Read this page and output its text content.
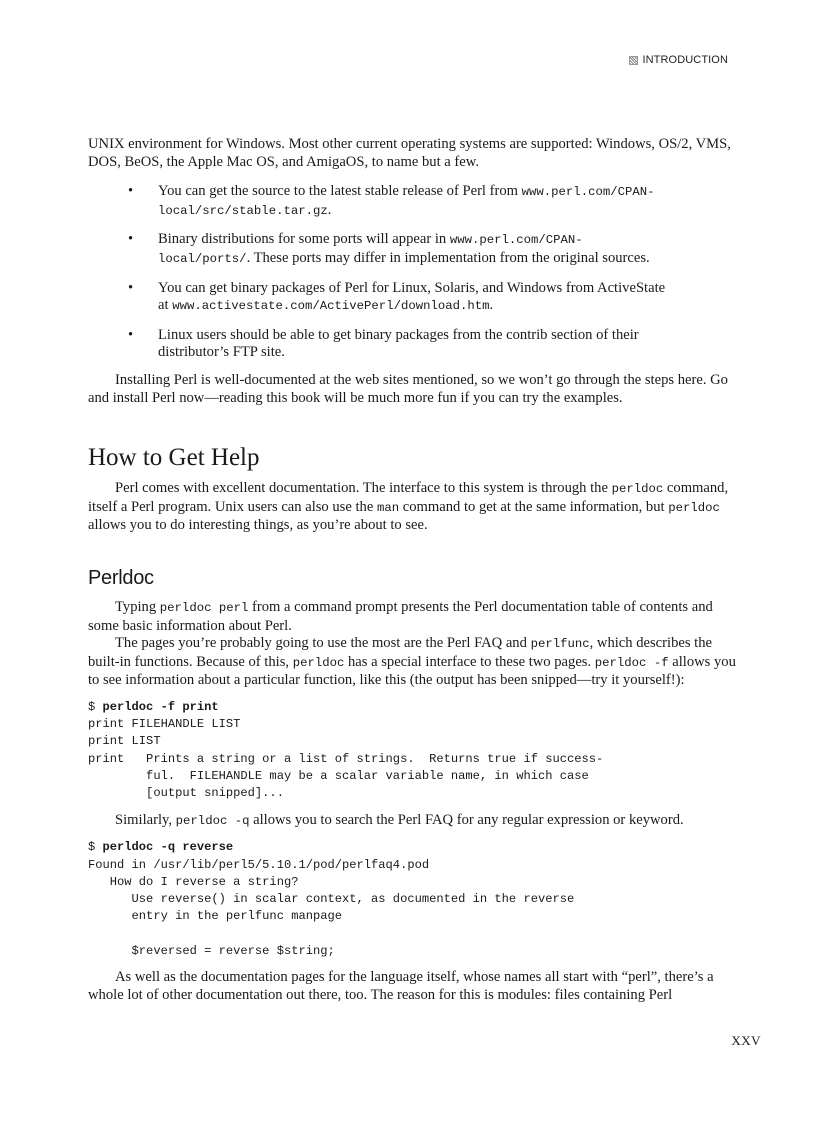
INTRODUCTION

UNIX environment for Windows. Most other current operating systems are supported: Windows, OS/2, VMS, DOS, BeOS, the Apple Mac OS, and AmigaOS, to name but a few.

• You can get the source to the latest stable release of Perl from www.perl.com/CPAN-local/src/stable.tar.gz.
• Binary distributions for some ports will appear in www.perl.com/CPAN-local/ports/. These ports may differ in implementation from the original sources.
• You can get binary packages of Perl for Linux, Solaris, and Windows from ActiveState at www.activestate.com/ActivePerl/download.htm.
• Linux users should be able to get binary packages from the contrib section of their distributor’s FTP site.

Installing Perl is well-documented at the web sites mentioned, so we won’t go through the steps here. Go and install Perl now—reading this book will be much more fun if you can try the examples.

How to Get Help

Perl comes with excellent documentation. The interface to this system is through the perldoc command, itself a Perl program. Unix users can also use the man command to get at the same information, but perldoc allows you to do interesting things, as you’re about to see.

Perldoc

Typing perldoc perl from a command prompt presents the Perl documentation table of contents and some basic information about Perl.

The pages you’re probably going to use the most are the Perl FAQ and perlfunc, which describes the built-in functions. Because of this, perldoc has a special interface to these two pages. perldoc -f allows you to see information about a particular function, like this (the output has been snipped—try it yourself!):

$ perldoc -f print
print FILEHANDLE LIST
print LIST
print   Prints a string or a list of strings.  Returns true if success-
ful.  FILEHANDLE may be a scalar variable name, in which case
[output snipped]...

Similarly, perldoc -q allows you to search the Perl FAQ for any regular expression or keyword.

$ perldoc -q reverse
Found in /usr/lib/perl5/5.10.1/pod/perlfaq4.pod
How do I reverse a string?
Use reverse() in scalar context, as documented in the reverse
entry in the perlfunc manpage

$reversed = reverse $string;

As well as the documentation pages for the language itself, whose names all start with “perl”, there’s a whole lot of other documentation out there, too. The reason for this is modules: files containing Perl

XXV
